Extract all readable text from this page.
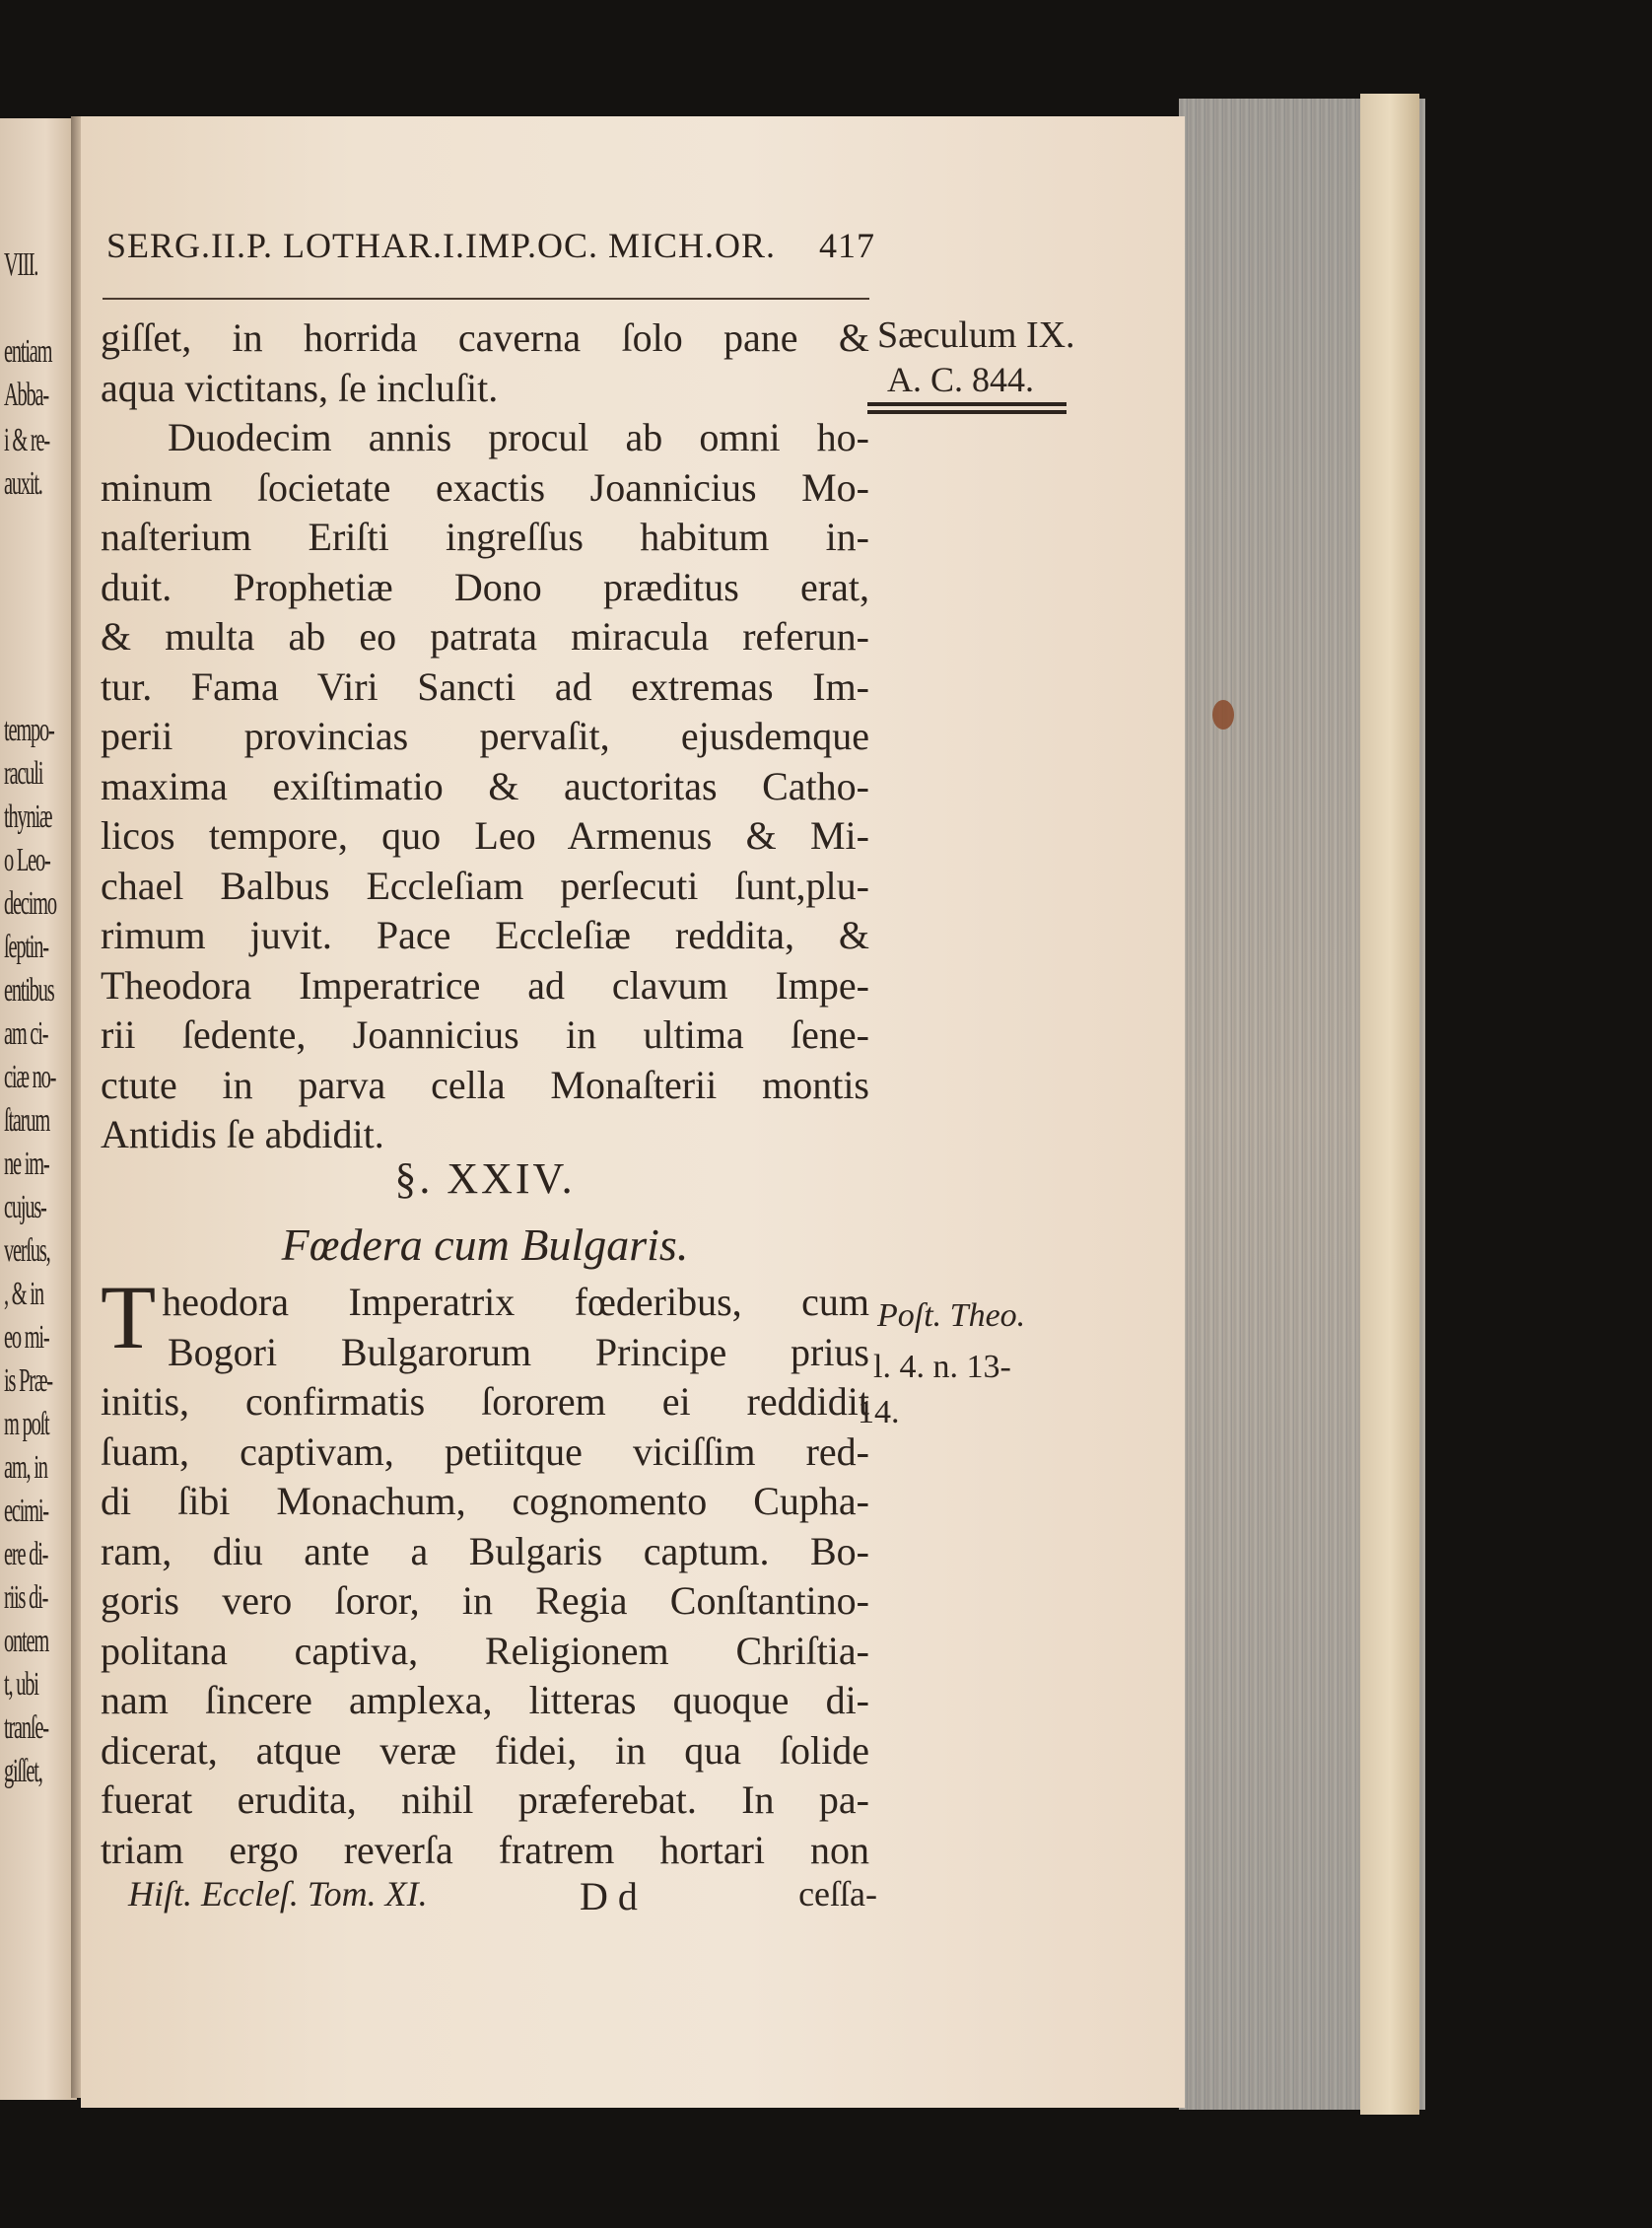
VIII.
entiam
Abba-
i & re-
auxit.
tempo-
raculi
thyniæ
o Leo-
decimo
ſeptin-
entibus
am ci-
ciæ no-
ſtarum
ne im-
cujus-
verſus,
, & in
eo mi-
is Præ-
m poſt
am, in
ecimi-
ere di-
riis di-
ontem
t, ubi
tranſe-
giſſet,
SERG.II.P. LOTHAR.I.IMP.OC. MICH.OR. 417
giſſet, in horrida caverna ſolo pane &
aqua victitans, ſe incluſit.
Duodecim annis procul ab omni ho-
minum ſocietate exactis Joannicius Mo-
naſterium Eriſti ingreſſus habitum in-
duit. Prophetiæ Dono præditus erat,
& multa ab eo patrata miracula referun-
tur. Fama Viri Sancti ad extremas Im-
perii provincias pervaſit, ejusdemque
maxima exiſtimatio & auctoritas Catho-
licos tempore, quo Leo Armenus & Mi-
chael Balbus Eccleſiam perſecuti ſunt,plu-
rimum juvit. Pace Eccleſiæ reddita, &
Theodora Imperatrice ad clavum Impe-
rii ſedente, Joannicius in ultima ſene-
ctute in parva cella Monaſterii montis
Antidis ſe abdidit.
§. XXIV.
Fœdera cum Bulgaris.
T heodora Imperatrix fœderibus, cum
Bogori Bulgarorum Principe prius
initis, confirmatis ſororem ei reddidit
ſuam, captivam, petiitque viciſſim red-
di ſibi Monachum, cognomento Cupha-
ram, diu ante a Bulgaris captum. Bo-
goris vero ſoror, in Regia Conſtantino-
politana captiva, Religionem Chriſtia-
nam ſincere amplexa, litteras quoque di-
dicerat, atque veræ fidei, in qua ſolide
fuerat erudita, nihil præferebat. In pa-
triam ergo reverſa fratrem hortari non
Sæculum IX.
A. C. 844.
Poſt. Theo.
l. 4. n. 13-
14.
Hiſt. Eccleſ. Tom. XI.	D d	ceſſa-
